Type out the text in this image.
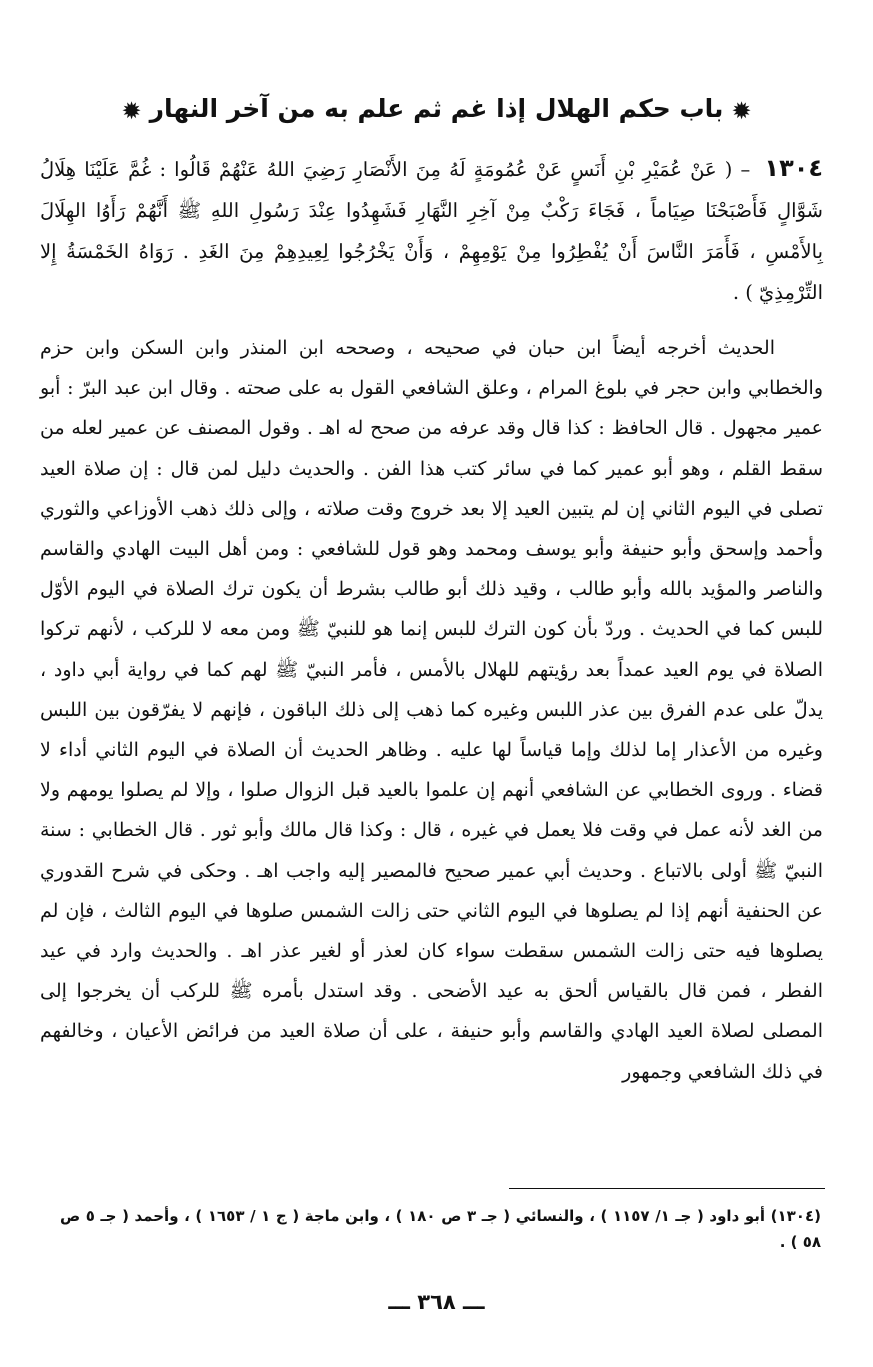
✹باب حكم الهلال إذا غم ثم علم به من آخر النهار✹
١٣٠٤ – ( عَنْ عُمَيْرِ بْنِ أَنَسٍ عَنْ عُمُومَةٍ لَهُ مِنَ الأَنْصَارِ رَضِيَ اللهُ عَنْهُمْ قَالُوا : غُمَّ عَلَيْنَا هِلَالُ شَوَّالٍ فَأَصْبَحْنَا صِيَاماً ، فَجَاءَ رَكْبٌ مِنْ آخِرِ النَّهَارِ فَشَهِدُوا عِنْدَ رَسُولِ اللهِ ﷺ أَنَّهُمْ رَأَوُا الهِلَالَ بِالأَمْسِ ، فَأَمَرَ النَّاسَ أَنْ يُفْطِرُوا مِنْ يَوْمِهِمْ ، وَأَنْ يَخْرُجُوا لِعِيدِهِمْ مِنَ الغَدِ . رَوَاهُ الخَمْسَةُ إِلا التِّرْمِذِيّ ) .

الحديث أخرجه أيضاً ابن حبان في صحيحه ، وصححه ابن المنذر وابن السكن وابن حزم والخطابي وابن حجر في بلوغ المرام ، وعلق الشافعي القول به على صحته . وقال ابن عبد البرّ : أبو عمير مجهول . قال الحافظ : كذا قال وقد عرفه من صحح له اهـ . وقول المصنف عن عمير لعله من سقط القلم ، وهو أبو عمير كما في سائر كتب هذا الفن . والحديث دليل لمن قال : إن صلاة العيد تصلى في اليوم الثاني إن لم يتبين العيد إلا بعد خروج وقت صلاته ، وإلى ذلك ذهب الأوزاعي والثوري وأحمد وإسحق وأبو حنيفة وأبو يوسف ومحمد وهو قول للشافعي : ومن أهل البيت الهادي والقاسم والناصر والمؤيد بالله وأبو طالب ، وقيد ذلك أبو طالب بشرط أن يكون ترك الصلاة في اليوم الأوّل للبس كما في الحديث . وردّ بأن كون الترك للبس إنما هو للنبيّ ﷺ ومن معه لا للركب ، لأنهم تركوا الصلاة في يوم العيد عمداً بعد رؤيتهم للهلال بالأمس ، فأمر النبيّ ﷺ لهم كما في رواية أبي داود ، يدلّ على عدم الفرق بين عذر اللبس وغيره كما ذهب إلى ذلك الباقون ، فإنهم لا يفرّقون بين اللبس وغيره من الأعذار إما لذلك وإما قياساً لها عليه . وظاهر الحديث أن الصلاة في اليوم الثاني أداء لا قضاء . وروى الخطابي عن الشافعي أنهم إن علموا بالعيد قبل الزوال صلوا ، وإلا لم يصلوا يومهم ولا من الغد لأنه عمل في وقت فلا يعمل في غيره ، قال : وكذا قال مالك وأبو ثور . قال الخطابي : سنة النبيّ ﷺ أولى بالاتباع . وحديث أبي عمير صحيح فالمصير إليه واجب اهـ . وحكى في شرح القدوري عن الحنفية أنهم إذا لم يصلوها في اليوم الثاني حتى زالت الشمس صلوها في اليوم الثالث ، فإن لم يصلوها فيه حتى زالت الشمس سقطت سواء كان لعذر أو لغير عذر اهـ . والحديث وارد في عيد الفطر ، فمن قال بالقياس ألحق به عيد الأضحى . وقد استدل بأمره ﷺ للركب أن يخرجوا إلى المصلى لصلاة العيد الهادي والقاسم وأبو حنيفة ، على أن صلاة العيد من فرائض الأعيان ، وخالفهم في ذلك الشافعي وجمهور

(١٣٠٤) أبو داود ( جـ ١/ ١١٥٧ ) ، والنسائي ( جـ ٣ ص ١٨٠ ) ، وابن ماجة ( ج ١ / ١٦٥٣ ) ، وأحمد ( جـ ٥ ص ٥٨ ) .
ـــ ٣٦٨ ـــ
